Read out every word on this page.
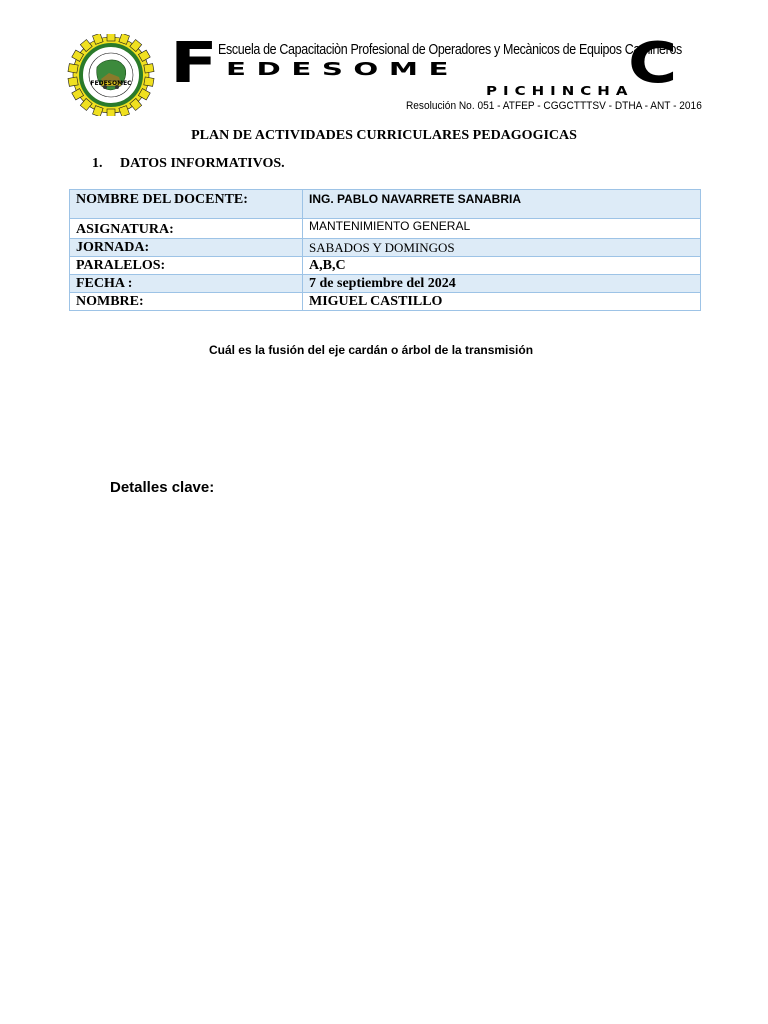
FEDESOMEC F Escuela de Capacitaciòn Profesional de Operadores y Mecànicos de Equipos Camineros
EDESOME	C
PICHINCHA
Resolución No. 051 - ATFEP - CGGCTTTSV - DTHA - ANT - 2016
PLAN DE ACTIVIDADES CURRICULARES PEDAGOGICAS
1. DATOS INFORMATIVOS.
NOMBRE DEL DOCENTE:	ING. PABLO NAVARRETE SANABRIA
ASIGNATURA:	MANTENIMIENTO GENERAL
JORNADA:	SABADOS Y DOMINGOS
PARALELOS:	A,B,C
FECHA :	7 de septiembre del 2024
NOMBRE:	MIGUEL CASTILLO
Cuál es la fusión del eje cardán o árbol de la transmisión
Detalles clave:
